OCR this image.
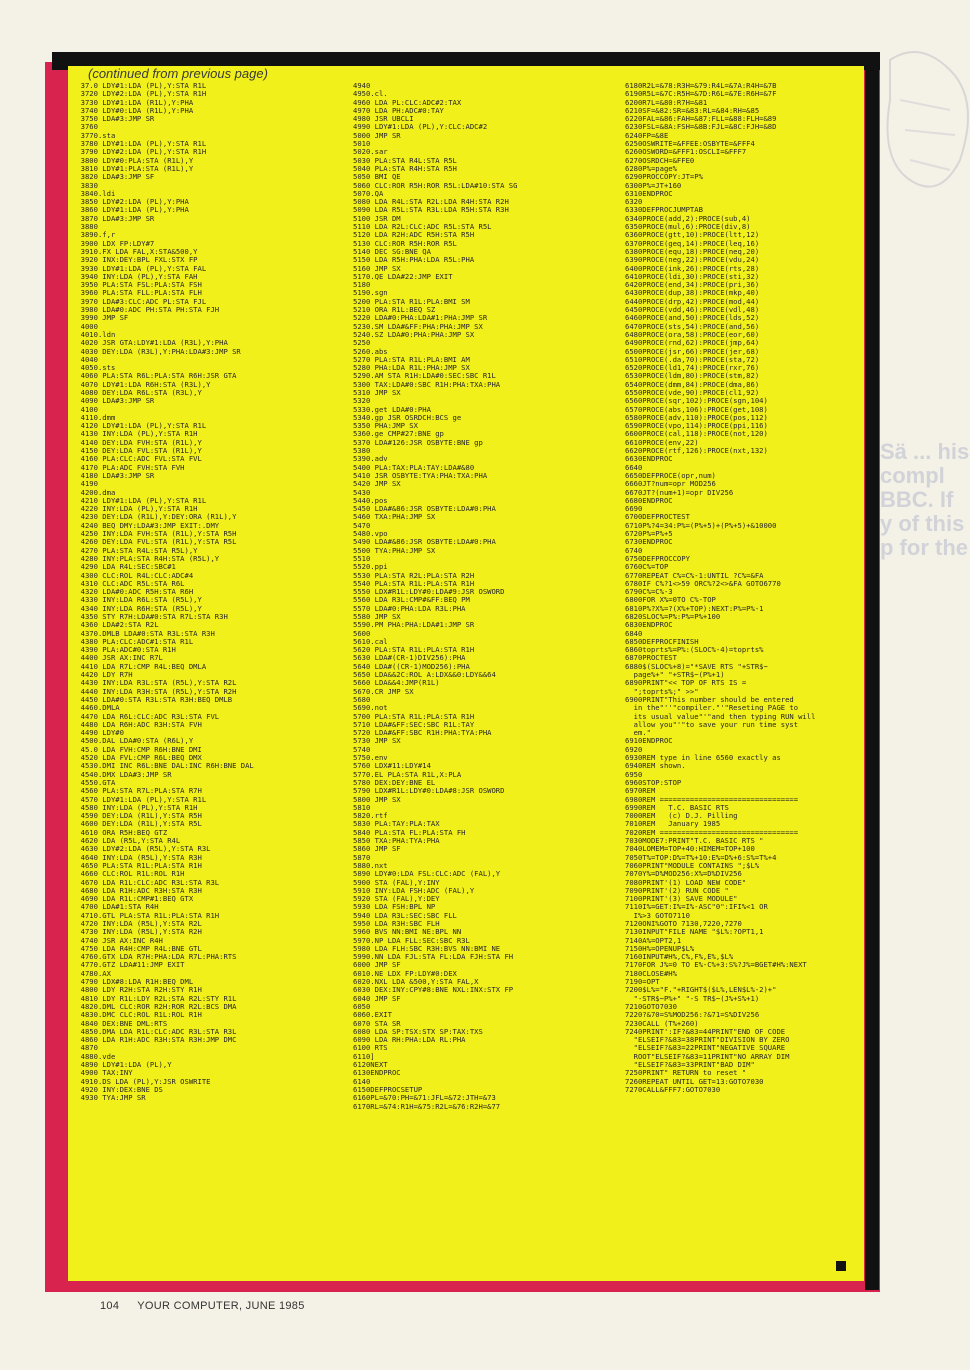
Sä ... his compl BBC. If y of this p for the
(continued from previous page)
37.0 LDY#1:LDA (PL),Y:STA R1L
3720 LDY#2:LDA (PL),Y:STA R1H
3730 LDY#1:LDA (R1L),Y:PHA
3740 LDY#0:LDA (R1L),Y:PHA
3750 LDA#3:JMP SR
3760
3770.sta
3780 LDY#1:LDA (PL),Y:STA R1L
3790 LDY#2:LDA (PL),Y:STA R1H
3800 LDY#0:PLA:STA (R1L),Y
3810 LDY#1:PLA:STA (R1L),Y
3820 LDA#3:JMP SF
3830
3840.ldi
3850 LDY#2:LDA (PL),Y:PHA
3860 LDY#1:LDA (PL),Y:PHA
3870 LDA#3:JMP SR
3880
3890.f,r
3900 LDX FP:LDY#7
3910.FX LDA FAL,X:STA&500,Y
3920 INX:DEY:BPL FXL:STX FP
3930 LDY#1:LDA (PL),Y:STA FAL
3940 INY:LDA (PL),Y:STA FAH
3950 PLA:STA FSL:PLA:STA FSH
3960 PLA:STA FLL:PLA:STA FLH
3970 LDA#3:CLC:ADC PL:STA FJL
3980 LDA#0:ADC PH:STA PH:STA FJH
3990 JMP SF
4000
4010.ldn
4020 JSR GTA:LDY#1:LDA (R3L),Y:PHA
4030 DEY:LDA (R3L),Y:PHA:LDA#3:JMP SR
4040
4050.sts
4060 PLA:STA R6L:PLA:STA R6H:JSR GTA
4070 LDY#1:LDA R6H:STA (R3L),Y
4080 DEY:LDA R6L:STA (R3L),Y
4090 LDA#3:JMP SR
4100
4110.dmm
4120 LDY#1:LDA (PL),Y:STA R1L
4130 INY:LDA (PL),Y:STA R1H
4140 DEY:LDA FVH:STA (R1L),Y
4150 DEY:LDA FVL:STA (R1L),Y
4160 PLA:CLC:ADC FVL:STA FVL
4170 PLA:ADC FVH:STA FVH
4180 LDA#3:JMP SR
4190
4200.dma
4210 LDY#1:LDA (PL),Y:STA R1L
4220 INY:LDA (PL),Y:STA R1H
4230 DEY:LDA (R1L),Y:DEY:ORA (R1L),Y
4240 BEQ DMY:LDA#3:JMP EXIT:.DMY
4250 INY:LDA FVH:STA (R1L),Y:STA R5H
4260 DEY:LDA FVL:STA (R1L),Y:STA R5L
4270 PLA:STA R4L:STA R5L),Y
4280 INY:PLA:STA R4H:STA (R5L),Y
4290 LDA R4L:SEC:SBC#1
4300 CLC:ROL R4L:CLC:ADC#4
4310 CLC:ADC R5L:STA R6L
4320 LDA#0:ADC R5H:STA R6H
4330 INY:LDA R6L:STA (R5L),Y
4340 INY:LDA R6H:STA (R5L),Y
4350 STY R7H:LDA#0:STA R7L:STA R3H
4360 LDA#2:STA R2L
4370.DMLB LDA#0:STA R3L:STA R3H
4380 PLA:CLC:ADC#1:STA R1L
4390 PLA:ADC#0:STA R1H
4400 JSR AX:INC R7L
4410 LDA R7L:CMP R4L:BEQ DMLA
4420 LDY R7H
4430 INY:LDA R3L:STA (R5L),Y:STA R2L
4440 INY:LDA R3H:STA (R5L),Y:STA R2H
4450 LDA#0:STA R3L:STA R3H:BEQ DMLB
4460.DMLA
4470 LDA R6L:CLC:ADC R3L:STA FVL
4480 LDA R6H:ADC R3H:STA FVH
4490 LDY#0
4500.DAL LDA#0:STA (R6L),Y
45.0 LDA FVH:CMP R6H:BNE DMI
4520 LDA FVL:CMP R6L:BEQ DMX
4530.DMI INC R6L:BNE DAL:INC R6H:BNE DAL
4540.DMX LDA#3:JMP SR
4550.GTA
4560 PLA:STA R7L:PLA:STA R7H
4570 LDY#1:LDA (PL),Y:STA R1L
4580 INY:LDA (PL),Y:STA R1H
4590 DEY:LDA (R1L),Y:STA R5H
4600 DEY:LDA (R1L),Y:STA R5L
4610 ORA R5H:BEQ GTZ
4620 LDA (R5L,Y:STA R4L
4630 LDY#2:LDA (R5L),Y:STA R3L
4640 INY:LDA (R5L),Y:STA R3H
4650 PLA:STA R1L:PLA:STA R1H
4660 CLC:ROL R1L:ROL R1H
4670 LDA R1L:CLC:ADC R3L:STA R3L
4680 LDA R1H:ADC R3H:STA R3H
4690 LDA R1L:CMP#1:BEQ GTX
4700 LDA#1:STA R4H
4710.GTL PLA:STA R1L:PLA:STA R1H
4720 INY:LDA (R5L),Y:STA R2L
4730 INY:LDA (R5L),Y:STA R2H
4740 JSR AX:INC R4H
4750 LDA R4H:CMP R4L:BNE GTL
4760.GTX LDA R7H:PHA:LDA R7L:PHA:RTS
4770.GTZ LDA#11:JMP EXIT
4780.AX
4790 LDX#8:LDA R1H:BEQ DML
4800 LDY R2H:STA R2H:STY R1H
4810 LDY R1L:LDY R2L:STA R2L:STY R1L
4820.DML CLC:ROR R2H:ROR R2L:BCS DMA
4830.DMC CLC:ROL R1L:ROL R1H
4840 DEX:BNE DML:RTS
4850.DMA LDA R1L:CLC:ADC R3L:STA R3L
4860 LDA R1H:ADC R3H:STA R3H:JMP DMC
4870
4880.vde
4890 LDY#1:LDA (PL),Y
4900 TAX:INY
4910.DS LDA (PL),Y:JSR OSWRITE
4920 INY:DEX:BNE DS
4930 TYA:JMP SR
4940
4950.cl.
4960 LDA PL:CLC:ADC#2:TAX
4970 LDA PH:ADC#0:TAY
4980 JSR UBCLI
4990 LDY#1:LDA (PL),Y:CLC:ADC#2
5000 JMP SR
5010
5020.sar
5030 PLA:STA R4L:STA R5L
5040 PLA:STA R4H:STA R5H
5050 BMI QE
5060 CLC:ROR R5H:ROR R5L:LDA#10:STA SG
5070.QA
5080 LDA R4L:STA R2L:LDA R4H:STA R2H
5090 LDA R5L:STA R3L:LDA R5H:STA R3H
5100 JSR DM
5110 LDA R2L:CLC:ADC R5L:STA R5L
5120 LDA R2H:ADC R5H:STA R5H
5130 CLC:ROR R5H:ROR R5L
5140 DEC SG:BNE QA
5150 LDA R5H:PHA:LDA R5L:PHA
5160 JMP SX
5170.QE LDA#22:JMP EXIT
5180
5190.sgn
5200 PLA:STA R1L:PLA:BMI SM
5210 ORA R1L:BEQ SZ
5220 LDA#0:PHA:LDA#1:PHA:JMP SR
5230.SM LDA#&FF:PHA:PHA:JMP SX
5240.SZ LDA#0:PHA:PHA:JMP SX
5250
5260.abs
5270 PLA:STA R1L:PLA:BMI AM
5280 PHA:LDA R1L:PHA:JMP SX
5290.AM STA R1H:LDA#0:SEC:SBC R1L
5300 TAX:LDA#0:SBC R1H:PHA:TXA:PHA
5310 JMP SX
5320
5330.get LDA#0:PHA
5340.gp JSR OSRDCH:BCS ge
5350 PHA:JMP SX
5360.ge CMP#27:BNE gp
5370 LDA#126:JSR OSBYTE:BNE gp
5380
5390.adv
5400 PLA:TAX:PLA:TAY:LDA#&80
5410 JSR OSBYTE:TYA:PHA:TXA:PHA
5420 JMP SX
5430
5440.pos
5450 LDA#&86:JSR OSBYTE:LDA#0:PHA
5460 TXA:PHA:JMP SX
5470
5480.vpo
5490 LDA#&86:JSR OSBYTE:LDA#0:PHA
5500 TYA:PHA:JMP SX
5510
5520.ppi
5530 PLA:STA R2L:PLA:STA R2H
5540 PLA:STA R1L:PLA:STA R1H
5550 LDX#R1L:LDY#0:LDA#9:JSR OSWORD
5560 LDA R3L:CMP#&FF:BEQ PM
5570 LDA#0:PHA:LDA R3L:PHA
5580 JMP SX
5590.PM PHA:PHA:LDA#1:JMP SR
5600
5610.cal
5620 PLA:STA R1L:PLA:STA R1H
5630 LDA#(CR-1)DIV256):PHA
5640 LDA#((CR-1)MOD256):PHA
5650 LDA&&2C:ROL A:LDX&&0:LDY&&64
5660 LDA&&4:JMP(R1L)
5670.CR JMP SX
5680
5690.not
5700 PLA:STA R1L:PLA:STA R1H
5710 LDA#&FF:SEC:SBC R1L:TAY
5720 LDA#&FF:SBC R1H:PHA:TYA:PHA
5730 JMP SX
5740
5750.env
5760 LDX#11:LDY#14
5770.EL PLA:STA R1L,X:PLA
5780 DEX:DEY:BNE EL
5790 LDX#R1L:LDY#0:LDA#8:JSR OSWORD
5800 JMP SX
5810
5820.rtf
5830 PLA:TAY:PLA:TAX
5840 PLA:STA FL:PLA:STA FH
5850 TXA:PHA:TYA:PHA
5860 JMP SF
5870
5880.nxt
5890 LDY#0:LDA FSL:CLC:ADC (FAL),Y
5900 STA (FAL),Y:INY
5910 INY:LDA FSH:ADC (FAL),Y
5920 STA (FAL),Y:DEY
5930 LDA FSH:BPL NP
5940 LDA R3L:SEC:SBC FLL
5950 LDA R3H:SBC FLH
5960 BVS NN:BMI NE:BPL NN
5970.NP LDA FLL:SEC:SBC R3L
5980 LDA FLH:SBC R3H:BVS NN:BMI NE
5990.NN LDA FJL:STA FL:LDA FJH:STA FH
6000 JMP SF
6010.NE LDX FP:LDY#0:DEX
6020.NXL LDA &500,Y:STA FAL,X
6030 DEX:INY:CPY#8:BNE NXL:INX:STX FP
6040 JMP SF
6050
6060.EXIT
6070 STA SR
6080 LDA SP:TSX:STX SP:TAX:TXS
6090 LDA RH:PHA:LDA RL:PHA
6100 RTS
6110]
6120NEXT
6130ENDPROC
6140
6150DEFPROCSETUP
6160PL=&70:PH=&71:JFL=&72:JTH=&73
6170RL=&74:R1H=&75:R2L=&76:R2H=&77
6180R2L=&78:R3H=&79:R4L=&7A:R4H=&7B
6190R5L=&7C:R5H=&7D:R6L=&7E:R6H=&7F
6200R7L=&80:R7H=&81
6210SF=&82:SR=&83:RL=&84:RH=&85
6220FAL=&86:FAH=&87:FLL=&88:FLH=&89
6230FSL=&8A:FSH=&8B:FJL=&8C:FJH=&8D
6240FP=&8E
6250OSWRITE=&FFEE:OSBYTE=&FFF4
6260OSWORD=&FFF1:OSCLI=&FFF7
6270OSRDCH=&FFE0
6280P%=page%
6290PROCCOPY:JT=P%
6300P%=JT+160
6310ENDPROC
6320
6330DEFPROCJUMPTAB
6340PROCE(add,2):PROCE(sub,4)
6350PROCE(mul,6):PROCE(div,8)
6360PROCE(gtt,10):PROCE(ltt,12)
6370PROCE(geq,14):PROCE(leq,16)
6380PROCE(equ,18):PROCE(neq,20)
6390PROCE(neg,22):PROCE(vdu,24)
6400PROCE(ink,26):PROCE(rts,28)
6410PROCE(ldi,30):PROCE(sti,32)
6420PROCE(end,34):PROCE(pri,36)
6430PROCE(dup,38):PROCE(mkp,40)
6440PROCE(drp,42):PROCE(mod,44)
6450PROCE(vdd,46):PROCE(vdl,48)
6460PROCE(and,50):PROCE(lds,52)
6470PROCE(sts,54):PROCE(and,56)
6480PROCE(ora,58):PROCE(eor,60)
6490PROCE(rnd,62):PROCE(jmp,64)
6500PROCE(jsr,66):PROCE(jer,68)
6510PROCE(.da,70):PROCE(sta,72)
6520PROCE(ld1,74):PROCE(rxr,76)
6530PROCE(ldm,80):PROCE(stm,82)
6540PROCE(dmm,84):PROCE(dma,86)
6550PROCE(vde,90):PROCE(cl1,92)
6560PROCE(sqr,102):PROCE(sgn,104)
6570PROCE(abs,106):PROCE(get,108)
6580PROCE(adv,110):PROCE(pos,112)
6590PROCE(vpo,114):PROCE(ppi,116)
6600PROCE(cal,118):PROCE(not,120)
6610PROCE(env,22)
6620PROCE(rtf,126):PROCE(nxt,132)
6630ENDPROC
6640
6650DEFPROCE(opr,num)
6660JT?num=opr MOD256
6670JT?(num+1)=opr DIV256
6680ENDPROC
6690
6700DEFPROCTEST
6710P%?4=34:P%=(P%+5)+(P%+5)+&10000
6720P%=P%+5
6730ENDPROC
6740
6750DEFPROCCOPY
6760C%=TOP
6770REPEAT C%=C%-1:UNTIL ?C%=&FA
6780IF C%?1<>59 ORC%?2<>&FA GOTO6770
6790C%=C%-3
6800FOR X%=0TO C%-TOP
6810P%?X%=?(X%+TOP):NEXT:P%=P%-1
6820SLOC%=P%:P%=P%+100
6830ENDPROC
6840
6850DEFPROCFINISH
6860toprts%=P%:(SLOC%-4)=toprts%
6870PROCTEST
6880$(SLOC%+8)="*SAVE RTS "+STR$~
page%+" "+STR$~(P%+1)
6890PRINT"<< TOP OF RTS IS =
";toprts%;" >>"
6900PRINT"This number should be entered
in the"''"compiler."'"Reseting PAGE to
its usual value"'"and then typing RUN will
allow you"'"to save your run time syst
em."
6910ENDPROC
6920
6930REM type in line 6560 exactly as
6940REM shown.
6950
6960STOP:STOP
6970REM
6980REM ================================
6990REM   T.C. BASIC RTS
7000REM   (c) D.J. Pilling
7010REM   January 1985
7020REM ================================
7030MODE7:PRINT"T.C. BASIC RTS "
7040LOMEM=TOP+40:HIMEM=TOP+100
7050T%=TOP:D%=T%+10:E%=D%+6:S%=T%+4
7060PRINT"MODULE CONTAINS ";$L%
7070Y%=D%MOD256:X%=D%DIV256
7080PRINT'(1) LOAD NEW CODE"
7090PRINT'(2) RUN CODE "
7100PRINT'(3) SAVE MODULE"
7110I%=GET:I%=I%-ASC"0":IFI%<1 OR
I%>3 GOTO7110
7120ONI%GOTO 7130,7220,7270
7130INPUT"FILE NAME "$L%:?OPT1,1
7140A%=OPT2,1
7150H%=OPENUP$L%
7160INPUT#H%,C%,F%,E%,$L%
7170FOR J%=0 TO E%-C%+3:S%?J%=BGET#H%:NEXT
7180CLOSE#H%
7190=OPT
7200$L%="F."+RIGHT$($L%,LEN$L%-2)+"
"-STR$~P%+" "-S TR$~(J%+S%+1)
7210GOTO7030
7220?&70=S%MOD256:?&71=S%DIV256
7230CALL (T%+260)
7240PRINT':IF?&83=44PRINT"END OF CODE
"ELSEIF?&83=38PRINT"DIVISION BY ZERO
"ELSEIF?&83=22PRINT"NEGATIVE SQUARE
ROOT"ELSEIF?&83=11PRINT"NO ARRAY DIM
"ELSEIF?&83=33PRINT"BAD DIM"
7250PRINT" RETURN to reset "
7260REPEAT UNTIL GET=13:GOTO7030
7270CALL&FFF7:GOTO7030
104 YOUR COMPUTER, JUNE 1985
